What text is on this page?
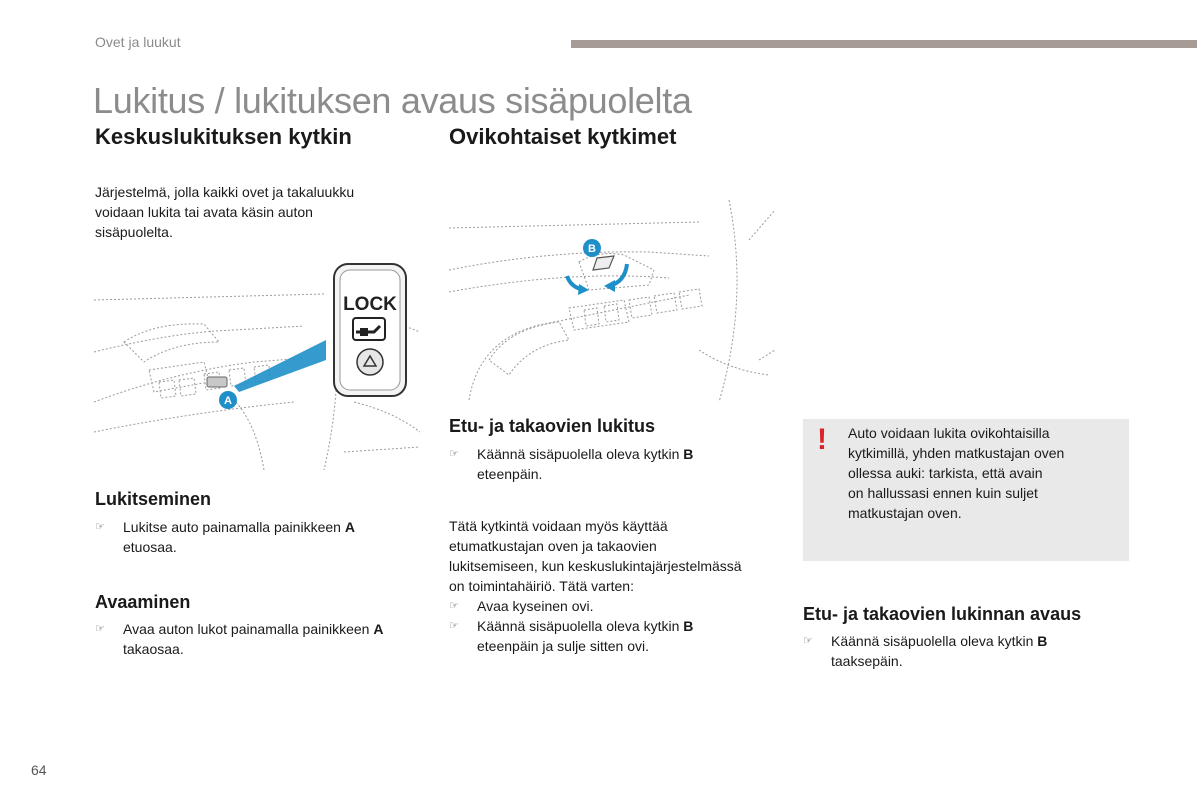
Ovet ja luukut
Lukitus / lukituksen avaus sisäpuolelta
Keskuslukituksen kytkin
Järjestelmä, jolla kaikki ovet ja takaluukku
voidaan lukita tai avata käsin auton
sisäpuolelta.
A
LOCK
Lukitseminen
☞	Lukitse auto painamalla painikkeen A
etuosaa.
Avaaminen
☞	Avaa auton lukot painamalla painikkeen A
takaosaa.
Ovikohtaiset kytkimet
B
Etu- ja takaovien lukitus
☞	Käännä sisäpuolella oleva kytkin B
eteenpäin.
Tätä kytkintä voidaan myös käyttää
etumatkustajan oven ja takaovien
lukitsemiseen, kun keskuslukintajärjestelmässä
on toimintahäiriö. Tätä varten:
☞	Avaa kyseinen ovi.
☞	Käännä sisäpuolella oleva kytkin B
eteenpäin ja sulje sitten ovi.
! Auto voidaan lukita ovikohtaisilla
kytkimillä, yhden matkustajan oven
ollessa auki: tarkista, että avain
on hallussasi ennen kuin suljet
matkustajan oven.
Etu- ja takaovien lukinnan avaus
☞	Käännä sisäpuolella oleva kytkin B
taaksepäin.
64
